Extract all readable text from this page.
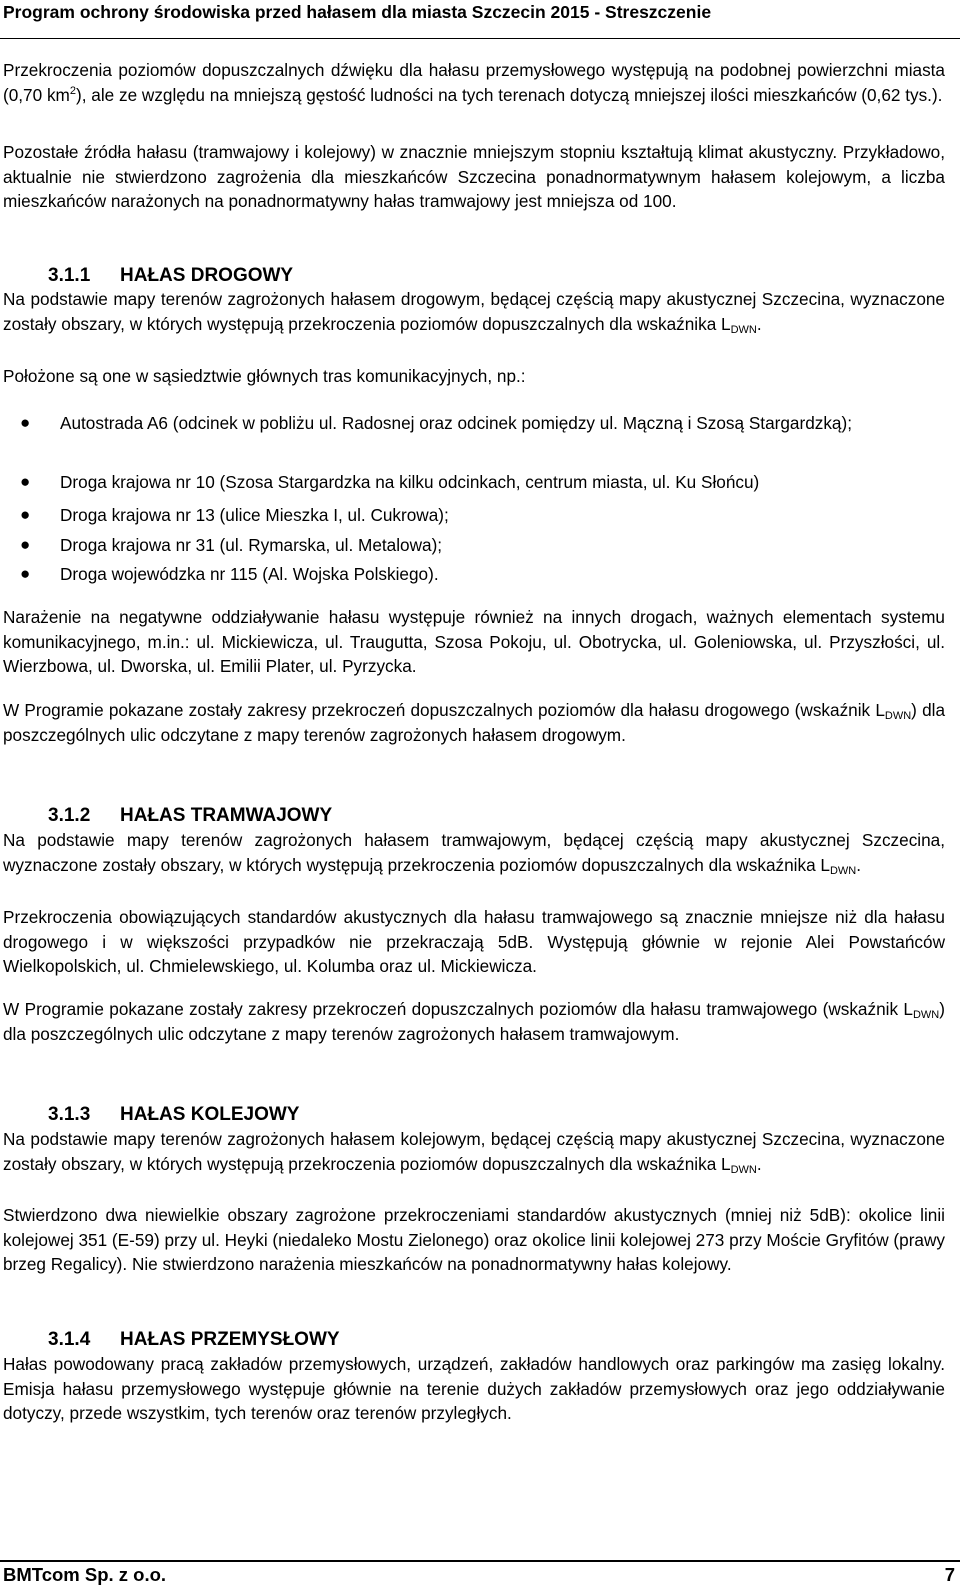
Program ochrony środowiska przed hałasem dla miasta Szczecin 2015 - Streszczenie
Przekroczenia poziomów dopuszczalnych dźwięku dla hałasu przemysłowego występują na podobnej powierzchni miasta (0,70 $km^2$), ale ze względu na mniejszą gęstość ludności na tych terenach dotyczą mniejszej ilości mieszkańców (0,62 tys.).
Pozostałe źródła hałasu (tramwajowy i kolejowy) w znacznie mniejszym stopniu kształtują klimat akustyczny. Przykładowo, aktualnie nie stwierdzono zagrożenia dla mieszkańców Szczecina ponadnormatywnym hałasem kolejowym, a liczba mieszkańców narażonych na ponadnormatywny hałas tramwajowy jest mniejsza od 100.
3.1.1 HAŁAS DROGOWY
Na podstawie mapy terenów zagrożonych hałasem drogowym, będącej częścią mapy akustycznej Szczecina, wyznaczone zostały obszary, w których występują przekroczenia poziomów dopuszczalnych dla wskaźnika $L_{DWN}$.
Położone są one w sąsiedztwie głównych tras komunikacyjnych, np.:
● Autostrada A6 (odcinek w pobliżu ul. Radosnej oraz odcinek pomiędzy ul. Mączną i Szosą Stargardzką);
● Droga krajowa nr 10 (Szosa Stargardzka na kilku odcinkach, centrum miasta, ul. Ku Słońcu)
● Droga krajowa nr 13 (ulice Mieszka I, ul. Cukrowa);
● Droga krajowa nr 31 (ul. Rymarska, ul. Metalowa);
● Droga wojewódzka nr 115 (Al. Wojska Polskiego).
Narażenie na negatywne oddziaływanie hałasu występuje również na innych drogach, ważnych elementach systemu komunikacyjnego, m.in.: ul. Mickiewicza, ul. Traugutta, Szosa Pokoju, ul. Obotrycka, ul. Goleniowska, ul. Przyszłości, ul. Wierzbowa, ul. Dworska, ul. Emilii Plater, ul. Pyrzycka.
W Programie pokazane zostały zakresy przekroczeń dopuszczalnych poziomów dla hałasu drogowego (wskaźnik $L_{DWN}$) dla poszczególnych ulic odczytane z mapy terenów zagrożonych hałasem drogowym.
3.1.2 HAŁAS TRAMWAJOWY
Na podstawie mapy terenów zagrożonych hałasem tramwajowym, będącej częścią mapy akustycznej Szczecina, wyznaczone zostały obszary, w których występują przekroczenia poziomów dopuszczalnych dla wskaźnika $L_{DWN}$.
Przekroczenia obowiązujących standardów akustycznych dla hałasu tramwajowego są znacznie mniejsze niż dla hałasu drogowego i w większości przypadków nie przekraczają 5dB. Występują głównie w rejonie Alei Powstańców Wielkopolskich, ul. Chmielewskiego, ul. Kolumba oraz ul. Mickiewicza.
W Programie pokazane zostały zakresy przekroczeń dopuszczalnych poziomów dla hałasu tramwajowego (wskaźnik $L_{DWN}$) dla poszczególnych ulic odczytane z mapy terenów zagrożonych hałasem tramwajowym.
3.1.3 HAŁAS KOLEJOWY
Na podstawie mapy terenów zagrożonych hałasem kolejowym, będącej częścią mapy akustycznej Szczecina, wyznaczone zostały obszary, w których występują przekroczenia poziomów dopuszczalnych dla wskaźnika $L_{DWN}$.
Stwierdzono dwa niewielkie obszary zagrożone przekroczeniami standardów akustycznych (mniej niż 5dB): okolice linii kolejowej 351 (E-59) przy ul. Heyki (niedaleko Mostu Zielonego) oraz okolice linii kolejowej 273 przy Moście Gryfitów (prawy brzeg Regalicy). Nie stwierdzono narażenia mieszkańców na ponadnormatywny hałas kolejowy.
3.1.4 HAŁAS PRZEMYSŁOWY
Hałas powodowany pracą zakładów przemysłowych, urządzeń, zakładów handlowych oraz parkingów ma zasięg lokalny. Emisja hałasu przemysłowego występuje głównie na terenie dużych zakładów przemysłowych oraz jego oddziaływanie dotyczy, przede wszystkim, tych terenów oraz terenów przyległych.
BMTcom Sp. z o.o.	7
